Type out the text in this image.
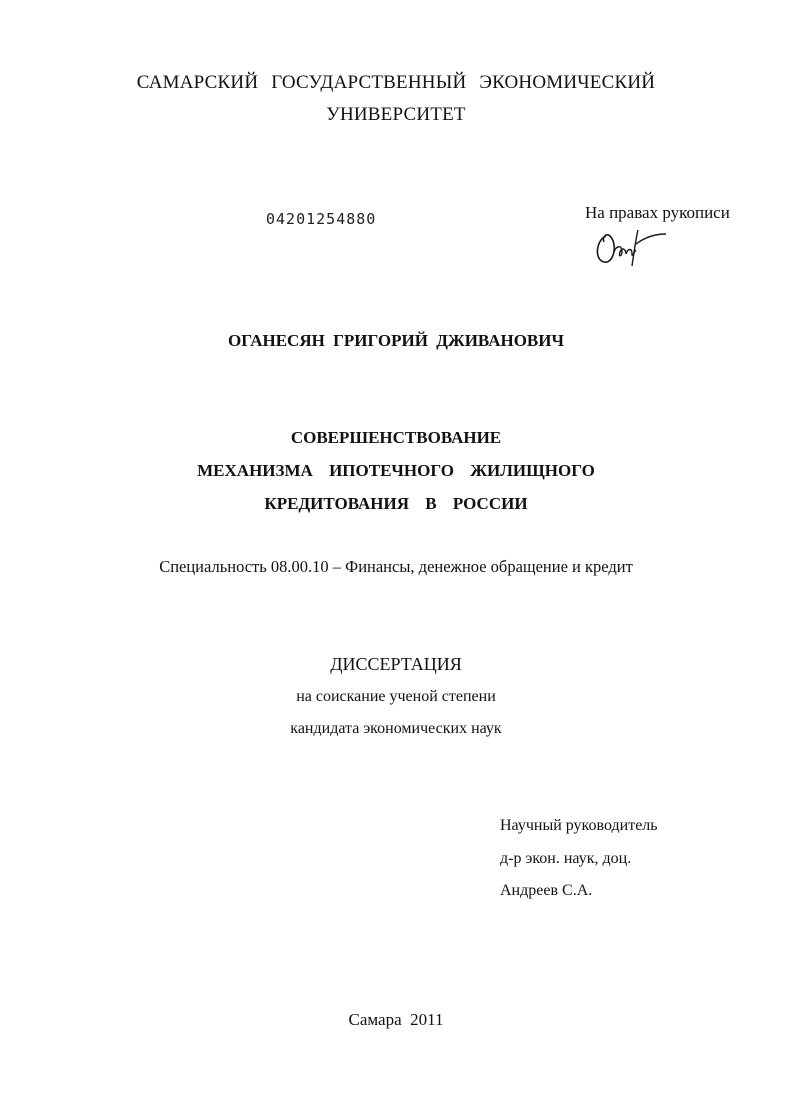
САМАРСКИЙ ГОСУДАРСТВЕННЫЙ ЭКОНОМИЧЕСКИЙ
УНИВЕРСИТЕТ
04201254880	На правах рукописи
ОГАНЕСЯН ГРИГОРИЙ ДЖИВАНОВИЧ
СОВЕРШЕНСТВОВАНИЕ
МЕХАНИЗМА ИПОТЕЧНОГО ЖИЛИЩНОГО
КРЕДИТОВАНИЯ В РОССИИ
Специальность 08.00.10 – Финансы, денежное обращение и кредит
ДИССЕРТАЦИЯ
на соискание ученой степени
кандидата экономических наук
Научный руководитель
д-р экон. наук, доц.
Андреев С.А.
Самара  2011
